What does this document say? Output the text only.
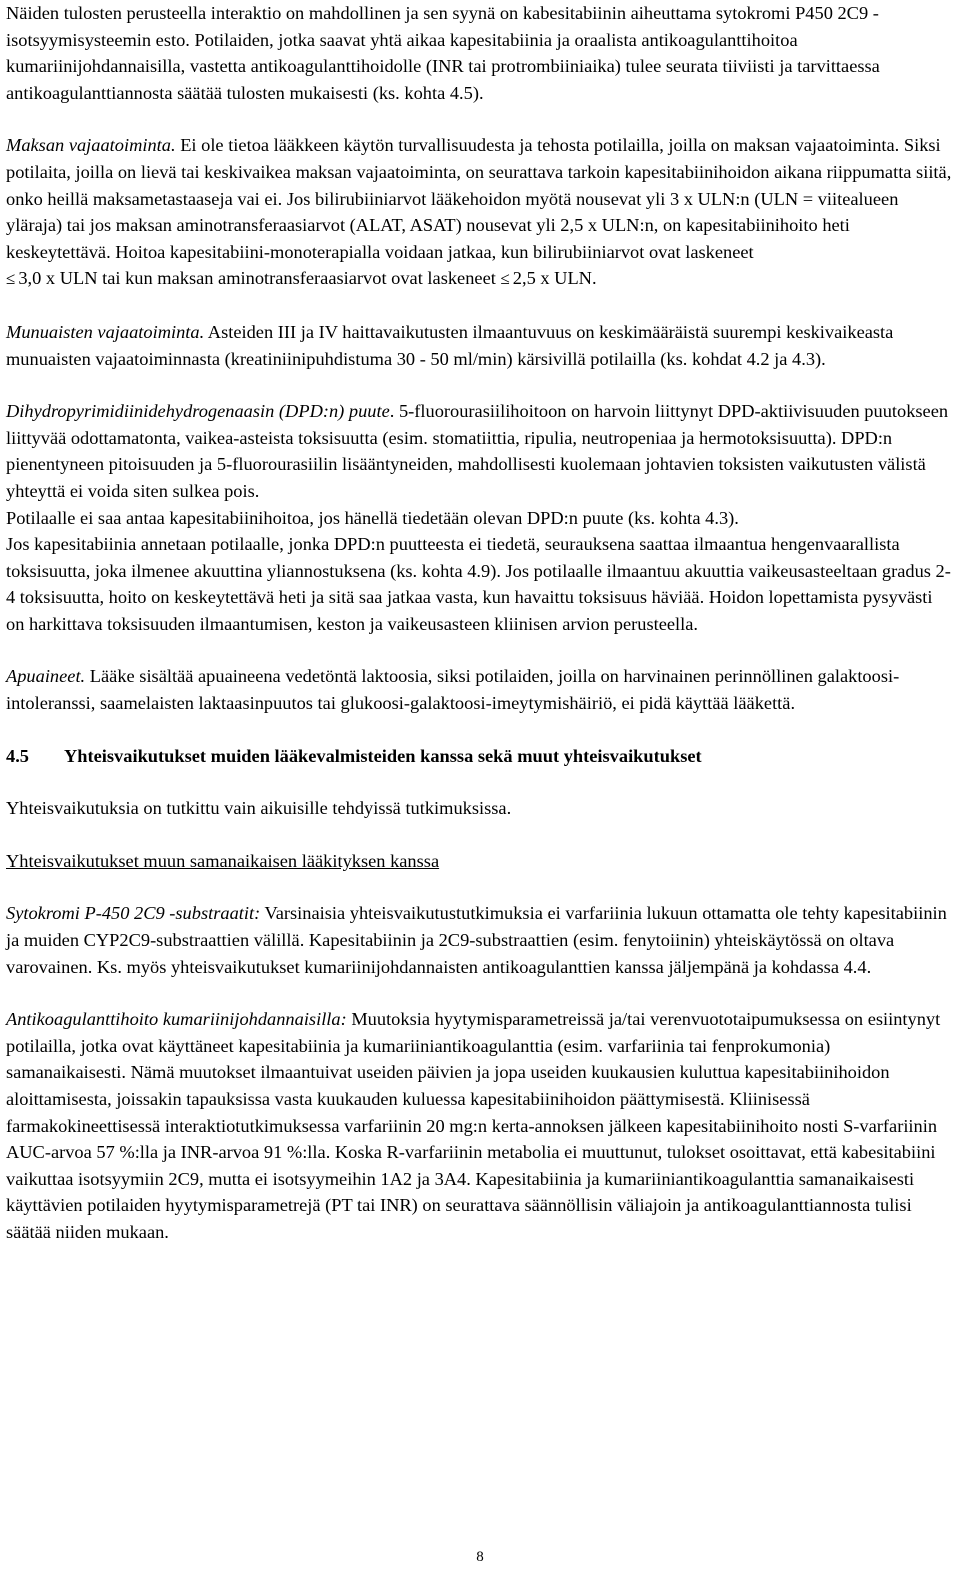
Näiden tulosten perusteella interaktio on mahdollinen ja sen syynä on kabesitabiinin aiheuttama sytokromi P450 2C9 -isotsyymisysteemin esto. Potilaiden, jotka saavat yhtä aikaa kapesitabiinia ja oraalista antikoagulanttihoitoa kumariinijohdannaisilla, vastetta antikoagulanttihoidolle (INR tai protrombiiniaika) tulee seurata tiiviisti ja tarvittaessa antikoagulanttiannosta säätää tulosten mukaisesti (ks. kohta 4.5).

Maksan vajaatoiminta. Ei ole tietoa lääkkeen käytön turvallisuudesta ja tehosta potilailla, joilla on maksan vajaatoiminta. Siksi potilaita, joilla on lievä tai keskivaikea maksan vajaatoiminta, on seurattava tarkoin kapesitabiinihoidon aikana riippumatta siitä, onko heillä maksametastaaseja vai ei. Jos bilirubiiniarvot lääkehoidon myötä nousevat yli 3 x ULN:n (ULN = viitealueen yläraja) tai jos maksan aminotransferaasiarvot (ALAT, ASAT) nousevat yli 2,5 x ULN:n, on kapesitabiinihoito heti keskeytettävä. Hoitoa kapesitabiini-monoterapialla voidaan jatkaa, kun bilirubiiniarvot ovat laskeneet
≤ 3,0 x ULN tai kun maksan aminotransferaasiarvot ovat laskeneet ≤ 2,5 x ULN.

Munuaisten vajaatoiminta. Asteiden III ja IV haittavaikutusten ilmaantuvuus on keskimääräistä suurempi keskivaikeasta munuaisten vajaatoiminnasta (kreatiniinipuhdistuma 30 - 50 ml/min) kärsivillä potilailla (ks. kohdat 4.2 ja 4.3).

Dihydropyrimidiinidehydrogenaasin (DPD:n) puute. 5-fluorourasiilihoitoon on harvoin liittynyt DPD-aktiivisuuden puutokseen liittyvää odottamatonta, vaikea-asteista toksisuutta (esim. stomatiittia, ripulia, neutropeniaa ja hermotoksisuutta). DPD:n pienentyneen pitoisuuden ja 5-fluorourasiilin lisääntyneiden, mahdollisesti kuolemaan johtavien toksisten vaikutusten välistä yhteyttä ei voida siten sulkea pois.

Potilaalle ei saa antaa kapesitabiinihoitoa, jos hänellä tiedetään olevan DPD:n puute (ks. kohta 4.3).

Jos kapesitabiinia annetaan potilaalle, jonka DPD:n puutteesta ei tiedetä, seurauksena saattaa ilmaantua hengenvaarallista toksisuutta, joka ilmenee akuuttina yliannostuksena (ks. kohta 4.9). Jos potilaalle ilmaantuu akuuttia vaikeusasteeltaan gradus 2-4 toksisuutta, hoito on keskeytettävä heti ja sitä saa jatkaa vasta, kun havaittu toksisuus häviää. Hoidon lopettamista pysyvästi on harkittava toksisuuden ilmaantumisen, keston ja vaikeusasteen kliinisen arvion perusteella.

Apuaineet. Lääke sisältää apuaineena vedetöntä laktoosia, siksi potilaiden, joilla on harvinainen perinnöllinen galaktoosi-intoleranssi, saamelaisten laktaasinpuutos tai glukoosi-galaktoosi-imeytymishäiriö, ei pidä käyttää lääkettä.

4.5	Yhteisvaikutukset muiden lääkevalmisteiden kanssa sekä muut yhteisvaikutukset

Yhteisvaikutuksia on tutkittu vain aikuisille tehdyissä tutkimuksissa.

Yhteisvaikutukset muun samanaikaisen lääkityksen kanssa

Sytokromi P-450 2C9 -substraatit: Varsinaisia yhteisvaikutustutkimuksia ei varfariinia lukuun ottamatta ole tehty kapesitabiinin ja muiden CYP2C9-substraattien välillä. Kapesitabiinin ja 2C9-substraattien (esim. fenytoiinin) yhteiskäytössä on oltava varovainen. Ks. myös yhteisvaikutukset kumariinijohdannaisten antikoagulanttien kanssa jäljempänä ja kohdassa 4.4.

Antikoagulanttihoito kumariinijohdannaisilla: Muutoksia hyytymisparametreissä ja/tai verenvuototaipumuksessa on esiintynyt potilailla, jotka ovat käyttäneet kapesitabiinia ja kumariiniantikoagulanttia (esim. varfariinia tai fenprokumonia) samanaikaisesti. Nämä muutokset ilmaantuivat useiden päivien ja jopa useiden kuukausien kuluttua kapesitabiinihoidon aloittamisesta, joissakin tapauksissa vasta kuukauden kuluessa kapesitabiinihoidon päättymisestä. Kliinisessä farmakokineettisessä interaktiotutkimuksessa varfariinin 20 mg:n kerta-annoksen jälkeen kapesitabiinihoito nosti S-varfariinin AUC-arvoa 57 %:lla ja INR-arvoa 91 %:lla. Koska R-varfariinin metabolia ei muuttunut, tulokset osoittavat, että kabesitabiini vaikuttaa isotsyymiin 2C9, mutta ei isotsyymeihin 1A2 ja 3A4. Kapesitabiinia ja kumariiniantikoagulanttia samanaikaisesti käyttävien potilaiden hyytymisparametrejä (PT tai INR) on seurattava säännöllisin väliajoin ja antikoagulanttiannosta tulisi säätää niiden mukaan.

8
